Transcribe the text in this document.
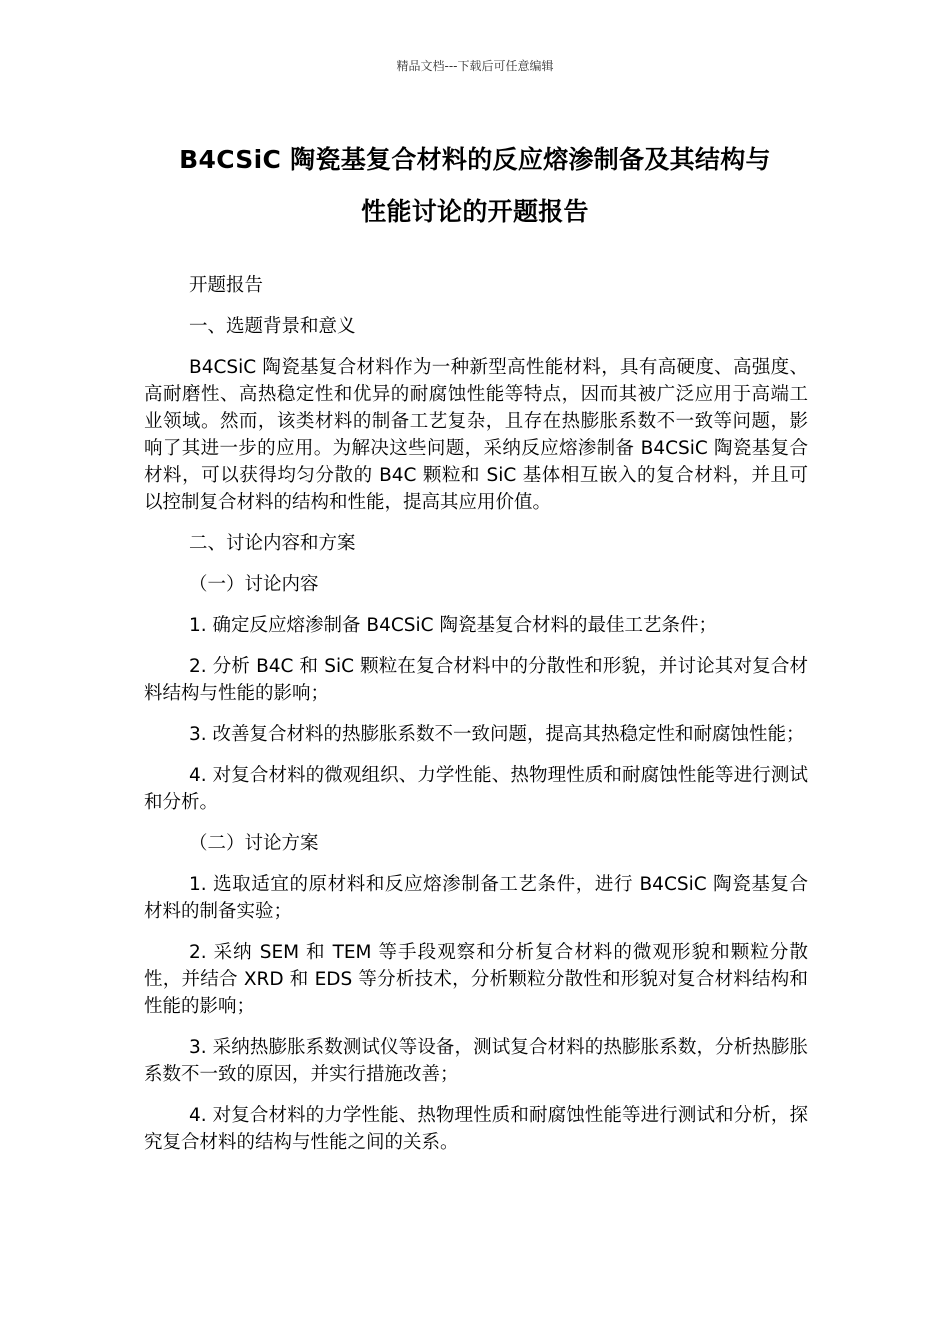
精品文档---下载后可任意编辑
B4CSiC 陶瓷基复合材料的反应熔渗制备及其结构与
性能讨论的开题报告

开题报告

一、选题背景和意义

B4CSiC 陶瓷基复合材料作为一种新型高性能材料，具有高硬度、高强度、高耐磨性、高热稳定性和优异的耐腐蚀性能等特点，因而其被广泛应用于高端工业领域。然而，该类材料的制备工艺复杂，且存在热膨胀系数不一致等问题，影响了其进一步的应用。为解决这些问题，采纳反应熔渗制备 B4CSiC 陶瓷基复合材料，可以获得均匀分散的 B4C 颗粒和 SiC 基体相互嵌入的复合材料，并且可以控制复合材料的结构和性能，提高其应用价值。

二、讨论内容和方案

（一）讨论内容

1. 确定反应熔渗制备 B4CSiC 陶瓷基复合材料的最佳工艺条件；

2. 分析 B4C 和 SiC 颗粒在复合材料中的分散性和形貌，并讨论其对复合材料结构与性能的影响；

3. 改善复合材料的热膨胀系数不一致问题，提高其热稳定性和耐腐蚀性能；

4. 对复合材料的微观组织、力学性能、热物理性质和耐腐蚀性能等进行测试和分析。

（二）讨论方案

1. 选取适宜的原材料和反应熔渗制备工艺条件，进行 B4CSiC 陶瓷基复合材料的制备实验；

2. 采纳 SEM 和 TEM 等手段观察和分析复合材料的微观形貌和颗粒分散性，并结合 XRD 和 EDS 等分析技术，分析颗粒分散性和形貌对复合材料结构和性能的影响；

3. 采纳热膨胀系数测试仪等设备，测试复合材料的热膨胀系数，分析热膨胀系数不一致的原因，并实行措施改善；

4. 对复合材料的力学性能、热物理性质和耐腐蚀性能等进行测试和分析，探究复合材料的结构与性能之间的关系。
